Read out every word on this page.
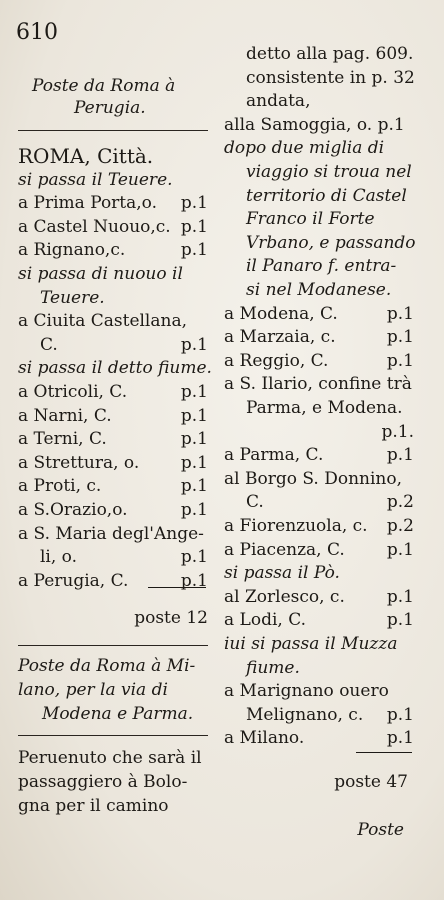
610
Poste da Roma à
Perugia.
ROMA, Città.
si passa il Teuere.
a Prima Porta,o. p.1
a Castel Nuouo,c. p.1
a Rignano,c.	p.1
si passa di nuouo il
Teuere.
a Ciuita Castellana,
C.	p.1
si passa il detto fiume.
a Otricoli, C.	p.1
a Narni, C.	p.1
a Terni, C.	p.1
a Strettura, o. p.1
a Proti, c.	p.1
a S.Orazio,o.	p.1
a S. Maria degl'Ange-
li, o.	p.1
a Perugia, C.	p.1
poste 12
Poste da Roma à Mi-
lano, per la via di
Modena e Parma.
Peruenuto che sarà il
passaggiero à Bolo-
gna per il camino
detto alla pag. 609.
consistente in p. 32
andata,
alla Samoggia, o. p.1
dopo due miglia di
viaggio si troua nel
territorio di Castel
Franco il Forte
Vrbano, e passando
il Panaro f. entra-
si nel Modanese.
a Modena, C.	p.1
a Marzaia, c.	p.1
a Reggio, C.	p.1
a S. Ilario, confine trà
Parma, e Modena.
p.1.
a Parma, C.	p.1
al Borgo S. Donnino,
C.	p.2
a Fiorenzuola, c. p.2
a Piacenza, C. p.1
si passa il Pò.
al Zorlesco, c. p.1
a Lodi, C.	p.1
iui si passa il Muzza
fiume.
a Marignano ouero
Melignano, c. p.1
a Milano.	p.1
poste 47
Poste
